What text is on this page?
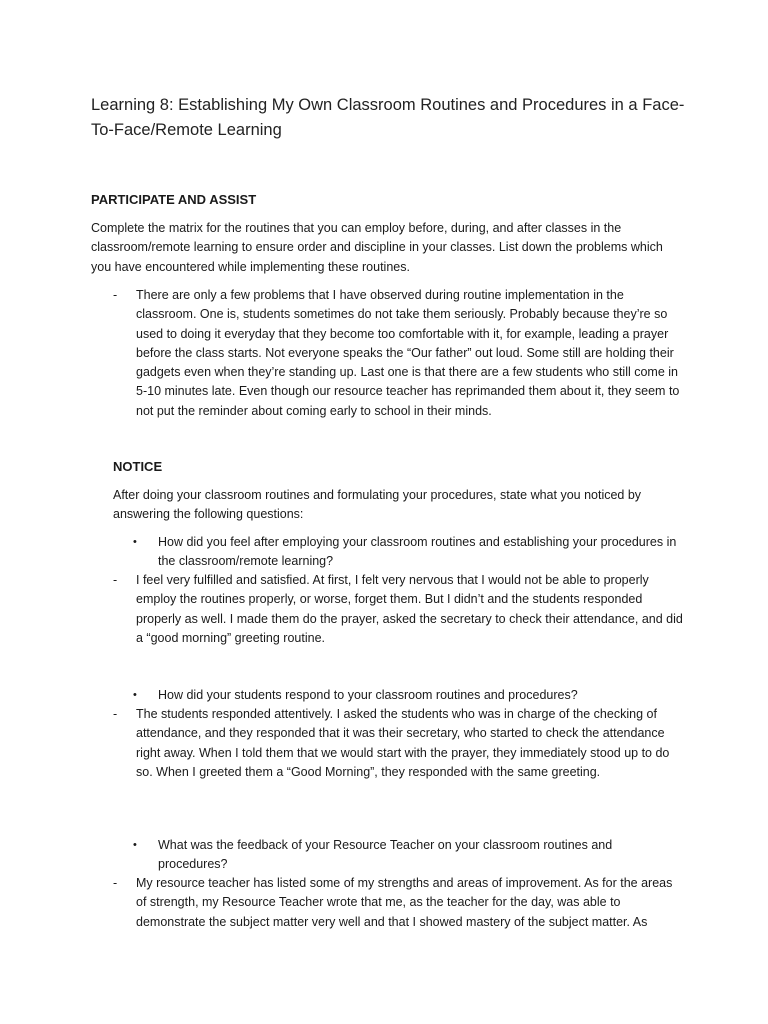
Learning 8: Establishing My Own Classroom Routines and Procedures in a Face-To-Face/Remote Learning
PARTICIPATE AND ASSIST
Complete the matrix for the routines that you can employ before, during, and after classes in the classroom/remote learning to ensure order and discipline in your classes. List down the problems which you have encountered while implementing these routines.
- There are only a few problems that I have observed during routine implementation in the classroom. One is, students sometimes do not take them seriously. Probably because they’re so used to doing it everyday that they become too comfortable with it, for example, leading a prayer before the class starts. Not everyone speaks the “Our father” out loud. Some still are holding their gadgets even when they’re standing up. Last one is that there are a few students who still come in 5-10 minutes late. Even though our resource teacher has reprimanded them about it, they seem to not put the reminder about coming early to school in their minds.
NOTICE
After doing your classroom routines and formulating your procedures, state what you noticed by answering the following questions:
• How did you feel after employing your classroom routines and establishing your procedures in the classroom/remote learning?
- I feel very fulfilled and satisfied. At first, I felt very nervous that I would not be able to properly employ the routines properly, or worse, forget them. But I didn’t and the students responded properly as well. I made them do the prayer, asked the secretary to check their attendance, and did a “good morning” greeting routine.
• How did your students respond to your classroom routines and procedures?
- The students responded attentively. I asked the students who was in charge of the checking of attendance, and they responded that it was their secretary, who started to check the attendance right away. When I told them that we would start with the prayer, they immediately stood up to do so. When I greeted them a “Good Morning”, they responded with the same greeting.
• What was the feedback of your Resource Teacher on your classroom routines and procedures?
- My resource teacher has listed some of my strengths and areas of improvement. As for the areas of strength, my Resource Teacher wrote that me, as the teacher for the day, was able to demonstrate the subject matter very well and that I showed mastery of the subject matter. As
